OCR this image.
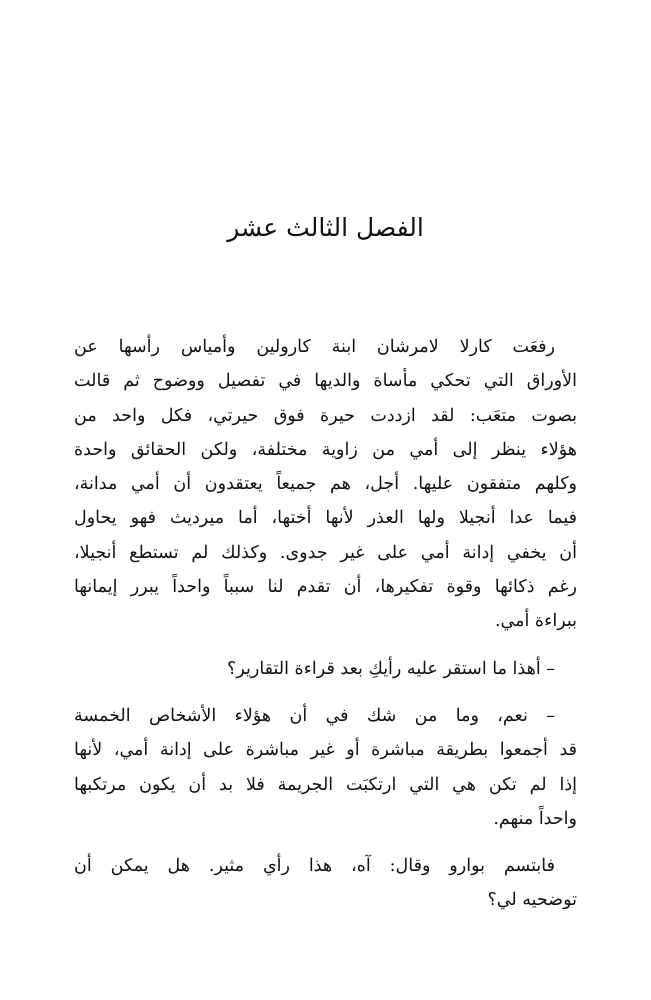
الفصل الثالث عشر
رفعَت كارلا لامرشان ابنة كارولين وأمياس رأسها عن
الأوراق التي تحكي مأساة والديها في تفصيل ووضوح ثم قالت
بصوت متعَب: لقد ازددت حيرة فوق حيرتي، فكل واحد من
هؤلاء ينظر إلى أمي من زاوية مختلفة، ولكن الحقائق واحدة
وكلهم متفقون عليها. أجل، هم جميعاً يعتقدون أن أمي مدانة،
فيما عدا أنجيلا ولها العذر لأنها أختها، أما ميرديث فهو يحاول
أن يخفي إدانة أمي على غير جدوى. وكذلك لم تستطع أنجيلا،
رغم ذكائها وقوة تفكيرها، أن تقدم لنا سبباً واحداً يبرر إيمانها
ببراءة أمي.
– أهذا ما استقر عليه رأيكِ بعد قراءة التقارير؟
– نعم، وما من شك في أن هؤلاء الأشخاص الخمسة
قد أجمعوا بطريقة مباشرة أو غير مباشرة على إدانة أمي، لأنها
إذا لم تكن هي التي ارتكبَت الجريمة فلا بد أن يكون مرتكبها
واحداً منهم.
فابتسم بوارو وقال: آه، هذا رأي مثير. هل يمكن أن
توضحيه لي؟
